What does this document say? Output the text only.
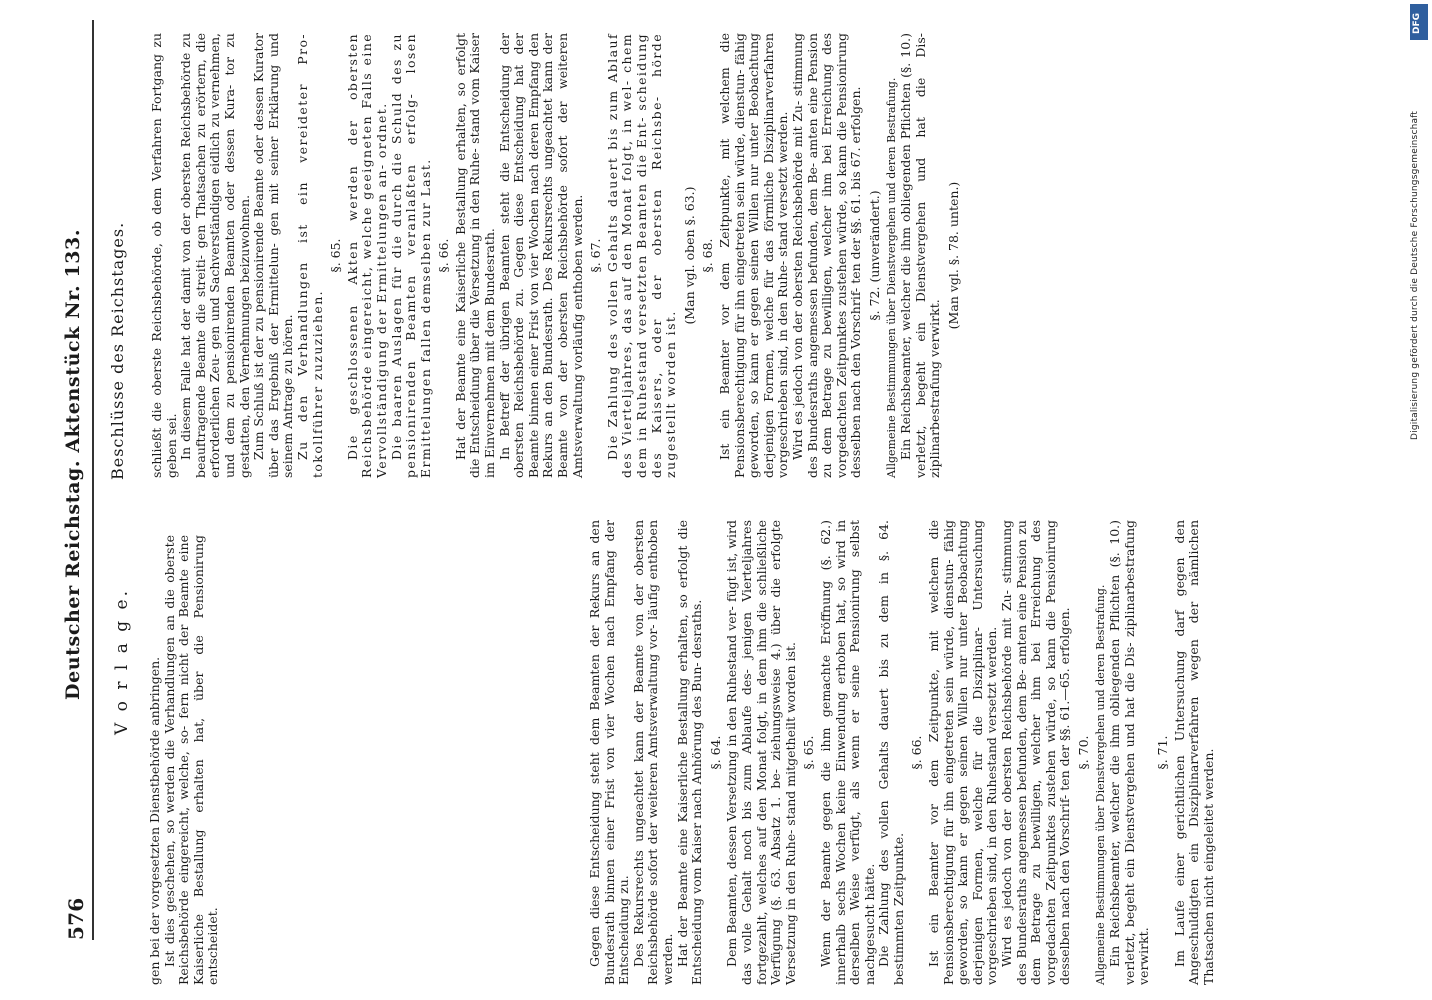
576
Deutscher Reichstag. Aktenstück Nr. 133. V o r l a g e. gen bei der vorgesetzten Dienstbehörde anbringen. Ist dies geschehen, so werden die Verhandlungen an die oberste Reichsbehörde eingereicht, welche, so- fern nicht der Beamte eine Kaiserliche Bestallung erhalten hat, über die Pensionirung entscheidet.	Gegen diese Entscheidung steht dem Beamten der Rekurs an den Bundesrath binnen einer Frist von vier Wochen nach Empfang der Entscheidung zu. Des Rekursrechts ungeachtet kann der Beamte von der obersten Reichsbehörde sofort der weiteren Amtsverwaltung vor- läufig enthoben werden. Hat der Beamte eine Kaiserliche Bestallung erhalten, so erfolgt die Entscheidung vom Kaiser nach Anhörung des Bun- desraths. §. 64. Dem Beamten, dessen Versetzung in den Ruhestand ver- fügt ist, wird das volle Gehalt noch bis zum Ablaufe des- jenigen Vierteljahres fortgezahlt, welches auf den Monat folgt, in dem ihm die schließliche Verfügung (§. 63. Absatz 1. be- ziehungsweise 4.) über die erfolgte Versetzung in den Ruhe- stand mitgetheilt worden ist. §. 65. Wenn der Beamte gegen die ihm gemachte Eröffnung (§. 62.) innerhalb sechs Wochen keine Einwendung erhoben hat, so wird in derselben Weise verfügt, als wenn er seine Pensionirung selbst nachgesucht hätte. Die Zahlung des vollen Gehalts dauert bis zu dem in §. 64. bestimmten Zeitpunkte.

§. 66. Ist ein Beamter vor dem Zeitpunkte, mit welchem die Pensionsberechtigung für ihn eingetreten sein würde, dienstun- fähig geworden, so kann er gegen seinen Willen nur unter Beobachtung derjenigen Formen, welche für die Disziplinar- Untersuchung vorgeschrieben sind, in den Ruhestand versetzt werden. Wird es jedoch von der obersten Reichsbehörde mit Zu- stimmung des Bundesraths angemessen befunden, dem Be- amten eine Pension zu dem Betrage zu bewilligen, welcher ihm bei Erreichung des vorgedachten Zeitpunktes zustehen würde, so kann die Pensionirung desselben nach den Vorschrif- ten der §§. 61.—65. erfolgen. §. 70. Allgemeine Bestimmungen über Dienstvergehen und deren Bestrafung. Ein Reichsbeamter, welcher die ihm obliegenden Pflichten (§. 10.) verletzt, begeht ein Dienstvergehen und hat die Dis- ziplinarbestrafung verwirkt.

§. 71. Im Laufe einer gerichtlichen Untersuchung darf gegen den Angeschuldigten ein Disziplinarverfahren wegen der nämlichen Thatsachen nicht eingeleitet werden.

Beschlüsse des Reichstages. schließt die oberste Reichsbehörde, ob dem Verfahren Fortgang zu geben sei. In diesem Falle hat der damit von der obersten Reichsbehörde zu beauftragende Beamte die streiti- gen Thatsachen zu erörtern, die erforderlichen Zeu- gen und Sachverständigen eidlich zu vernehmen, und dem zu pensionirenden Beamten oder dessen Kura- tor zu gestatten, den Vernehmungen beizuwohnen. Zum Schluß ist der zu pensionirende Beamte oder dessen Kurator über das Ergebniß der Ermittelun- gen mit seiner Erklärung und seinem Antrage zu hören. Zu den Verhandlungen ist ein vereideter Pro- tokollführer zuzuziehen.

§. 65. Die geschlossenen Akten werden der obersten Reichsbehörde eingereicht, welche geeigneten Falls eine Vervollständigung der Ermittelungen an- ordnet. Die baaren Auslagen für die durch die Schuld des zu pensionirenden Beamten veranlaßten erfolg- losen Ermittelungen fallen demselben zur Last. §. 66. Hat der Beamte eine Kaiserliche Bestallung erhalten, so erfolgt die Entscheidung über die Versetzung in den Ruhe- stand vom Kaiser im Einvernehmen mit dem Bundesrath. In Betreff der übrigen Beamten steht die Entscheidung der obersten Reichsbehörde zu. Gegen diese Entscheidung hat der Beamte binnen einer Frist von vier Wochen nach deren Empfang den Rekurs an den Bundesrath. Des Rekursrechts ungeachtet kann der Beamte von der obersten Reichsbehörde sofort der weiteren Amtsverwaltung vorläufig enthoben werden. §. 67. Die Zahlung des vollen Gehalts dauert bis zum Ablauf des Vierteljahres, das auf den Monat folgt, in wel- chem dem in Ruhestand versetzten Beamten die Ent- scheidung des Kaisers, oder der obersten Reichsbe- hörde zugestellt worden ist.

(Man vgl. oben §. 63.) §. 68. Ist ein Beamter vor dem Zeitpunkte, mit welchem die Pensionsberechtigung für ihn eingetreten sein würde, dienstun- fähig geworden, so kann er gegen seinen Willen nur unter Beobachtung derjenigen Formen, welche für das förmliche Disziplinarverfahren vorgeschrieben sind, in den Ruhe- stand versetzt werden. Wird es jedoch von der obersten Reichsbehörde mit Zu- stimmung des Bundesraths angemessen befunden, dem Be- amten eine Pension zu dem Betrage zu bewilligen, welcher ihm bei Erreichung des vorgedachten Zeitpunktes zustehen würde, so kann die Pensionirung desselben nach den Vorschrif- ten der §§. 61. bis 67. erfolgen. §. 72. (unverändert.) Allgemeine Bestimmungen über Dienstvergehen und deren Bestrafung. Ein Reichsbeamter, welcher die ihm obliegenden Pflichten (§. 10.) verletzt, begeht ein Dienstvergehen und hat die Dis- ziplinarbestrafung verwirkt.

(Man vgl. §. 78. unten.)	Digitalisierung gefördert durch die Deutsche Forschungsgemeinschaft
DFG
